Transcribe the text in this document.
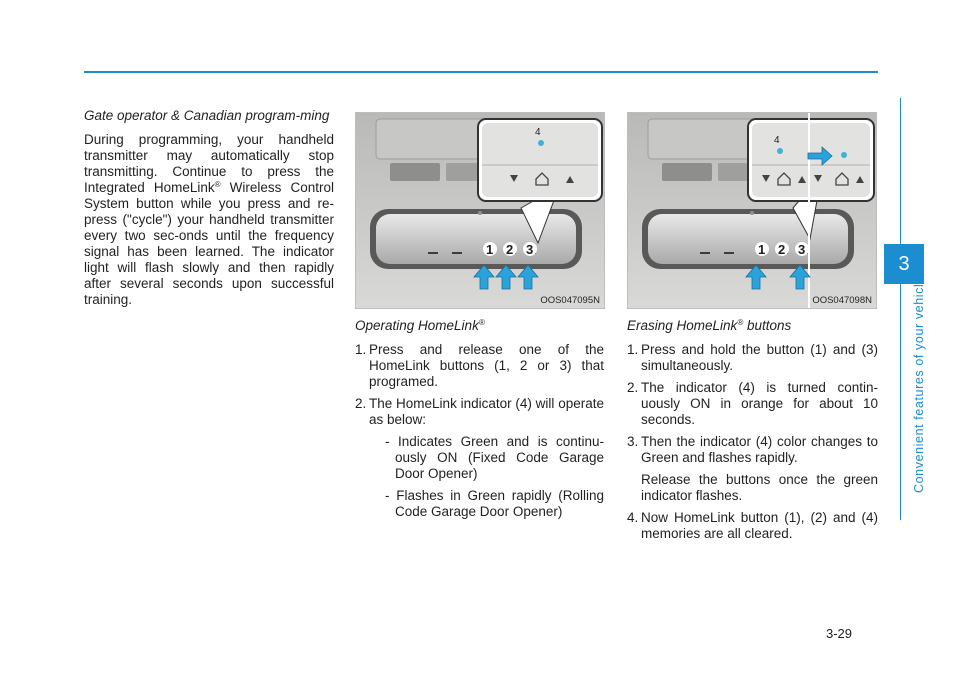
Gate operator & Canadian program-ming

During programming, your handheld transmitter may automatically stop transmitting. Continue to press the Integrated HomeLink® Wireless Control System button while you press and re-press ("cycle") your handheld transmitter every two sec-onds until the frequency signal has been learned. The indicator light will flash slowly and then rapidly after several seconds upon successful training.

4
1 2 3
OOS047095N
4
1 2 3
OOS047098N

Operating HomeLink®

1. Press and release one of the HomeLink buttons (1, 2 or 3) that programed.
2. The HomeLink indicator (4) will operate as below:
- Indicates Green and is continu-ously ON (Fixed Code Garage Door Opener)
- Flashes in Green rapidly (Rolling Code Garage Door Opener)

Erasing HomeLink® buttons

1. Press and hold the button (1) and (3) simultaneously.
2. The indicator (4) is turned contin-uously ON in orange for about 10 seconds.
3. Then the indicator (4) color changes to Green and flashes rapidly.
Release the buttons once the green indicator flashes.
4. Now HomeLink button (1), (2) and (4) memories are all cleared.
3
Convenient features of your vehicle
3-29
